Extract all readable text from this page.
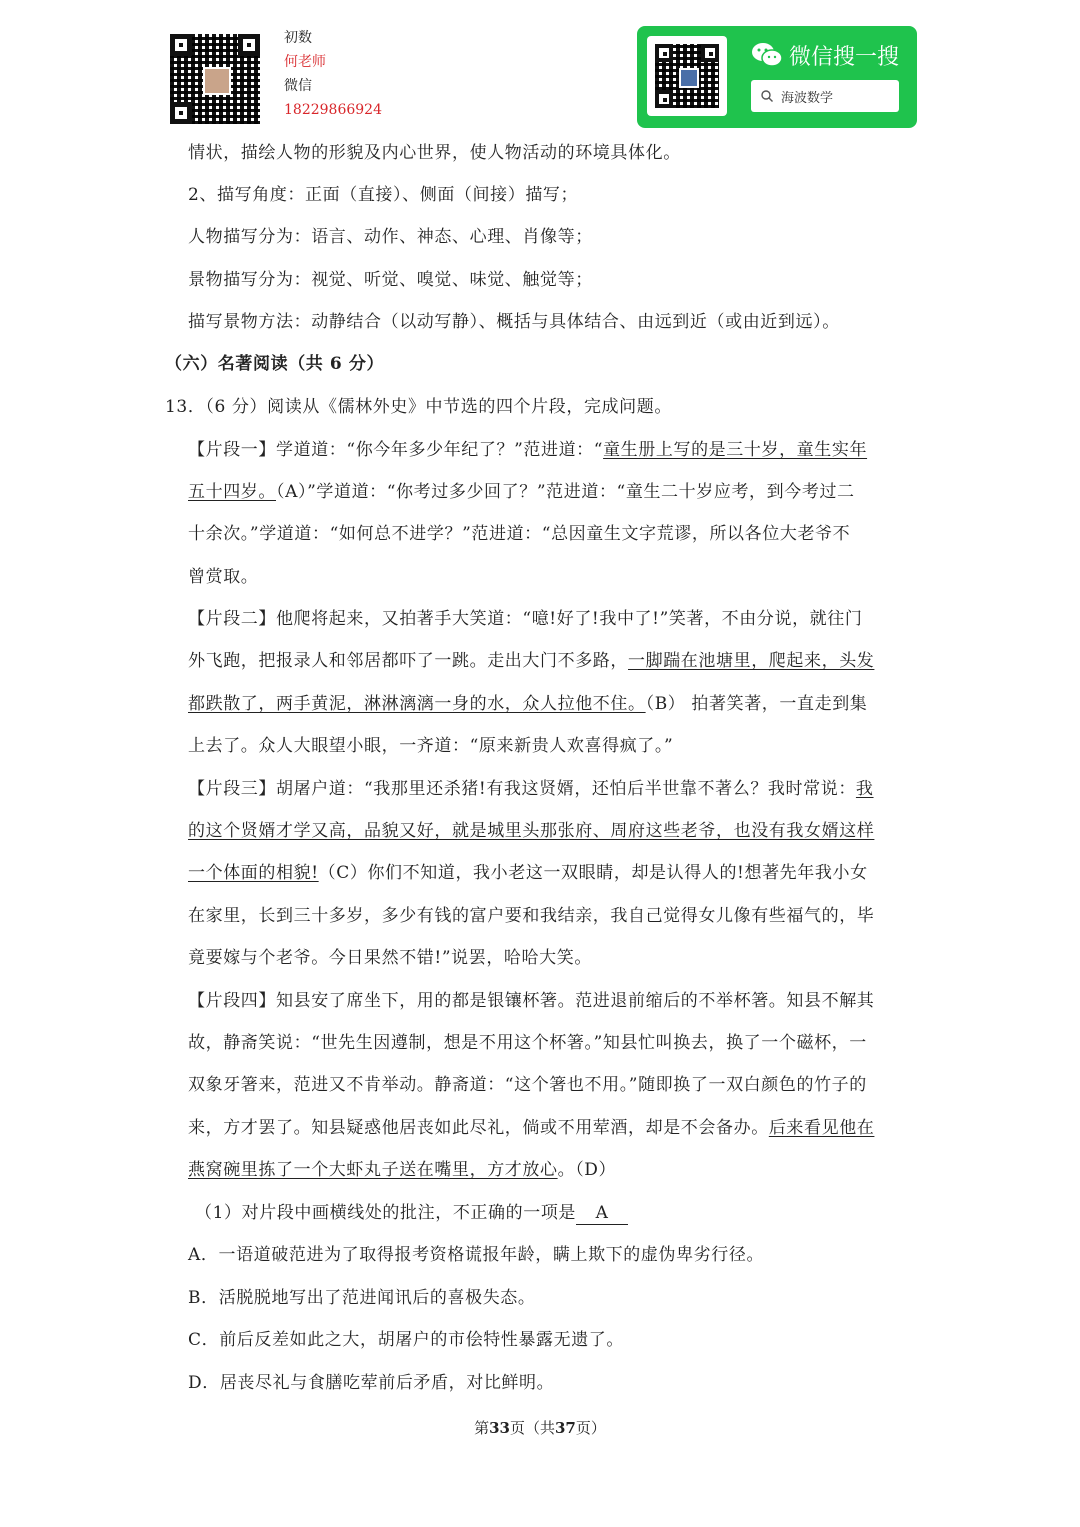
初数
何老师
微信
18229866924
微信搜一搜
海波数学
情状，描绘人物的形貌及内心世界，使人物活动的环境具体化。
2、描写角度：正面（直接）、侧面（间接）描写；
人物描写分为：语言、动作、神态、心理、肖像等；
景物描写分为：视觉、听觉、嗅觉、味觉、触觉等；
描写景物方法：动静结合（以动写静）、概括与具体结合、由远到近（或由近到远）。
（六）名著阅读（共 6 分）
13．（6 分）阅读从《儒林外史》中节选的四个片段，完成问题。
【片段一】学道道：“你今年多少年纪了？”范进道：“童生册上写的是三十岁，童生实年
五十四岁。（A）”学道道：“你考过多少回了？”范进道：“童生二十岁应考，到今考过二
十余次。”学道道：“如何总不进学？”范进道：“总因童生文字荒谬，所以各位大老爷不
曾赏取。
【片段二】他爬将起来，又拍著手大笑道：“噫!好了!我中了!”笑著，不由分说，就往门
外飞跑，把报录人和邻居都吓了一跳。走出大门不多路，一脚踹在池塘里，爬起来，头发
都跌散了，两手黄泥，淋淋漓漓一身的水，众人拉他不住。（B） 拍著笑著，一直走到集
上去了。众人大眼望小眼，一齐道：“原来新贵人欢喜得疯了。”
【片段三】胡屠户道：“我那里还杀猪!有我这贤婿，还怕后半世靠不著么？我时常说：我
的这个贤婿才学又高，品貌又好，就是城里头那张府、周府这些老爷，也没有我女婿这样
一个体面的相貌!（C）你们不知道，我小老这一双眼睛，却是认得人的!想著先年我小女
在家里，长到三十多岁，多少有钱的富户要和我结亲，我自己觉得女儿像有些福气的，毕
竟要嫁与个老爷。今日果然不错!”说罢，哈哈大笑。
【片段四】知县安了席坐下，用的都是银镶杯箸。范进退前缩后的不举杯箸。知县不解其
故，静斋笑说：“世先生因遵制，想是不用这个杯箸。”知县忙叫换去，换了一个磁杯，一
双象牙箸来，范进又不肯举动。静斋道：“这个箸也不用。”随即换了一双白颜色的竹子的
来，方才罢了。知县疑惑他居丧如此尽礼，倘或不用荤酒，却是不会备办。后来看见他在
燕窝碗里拣了一个大虾丸子送在嘴里，方才放心。（D）
（1）对片段中画横线处的批注，不正确的一项是 A
A．一语道破范进为了取得报考资格谎报年龄，瞒上欺下的虚伪卑劣行径。
B．活脱脱地写出了范进闻讯后的喜极失态。
C．前后反差如此之大，胡屠户的市侩特性暴露无遗了。
D．居丧尽礼与食膳吃荤前后矛盾，对比鲜明。
第33页（共37页）
